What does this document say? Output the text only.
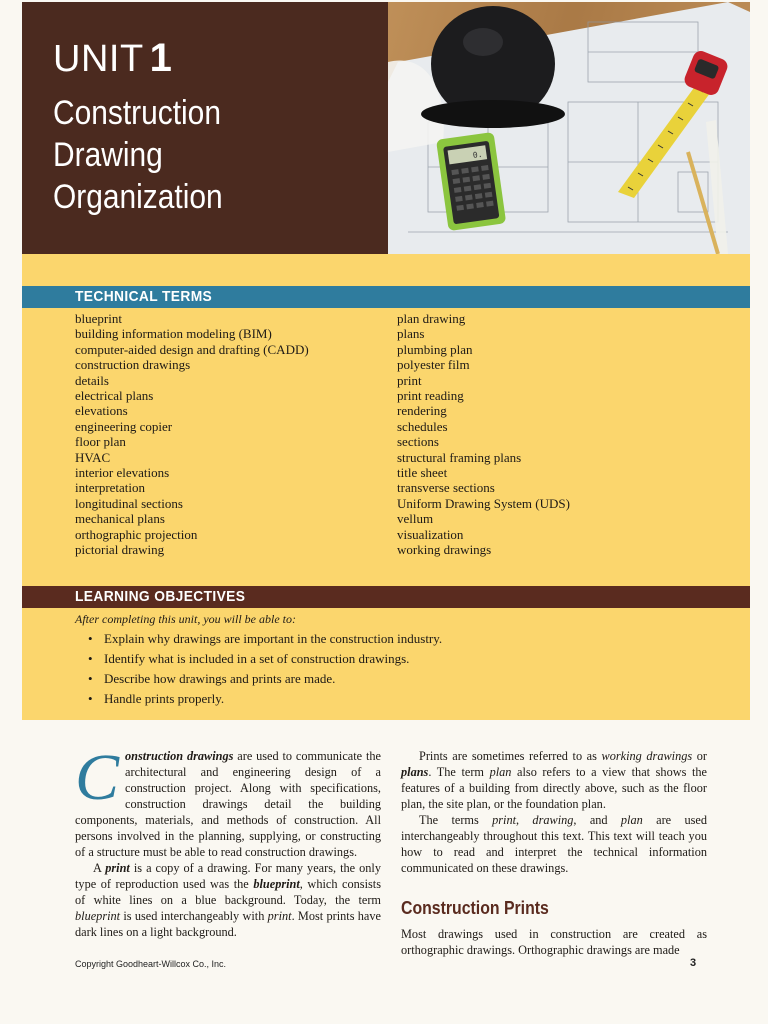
UNIT 1
Construction
Drawing
Organization
0.
TECHNICAL TERMS
blueprint
building information modeling (BIM)
computer-aided design and drafting (CADD)
construction drawings
details
electrical plans
elevations
engineering copier
floor plan
HVAC
interior elevations
interpretation
longitudinal sections
mechanical plans
orthographic projection
pictorial drawing
plan drawing
plans
plumbing plan
polyester film
print
print reading
rendering
schedules
sections
structural framing plans
title sheet
transverse sections
Uniform Drawing System (UDS)
vellum
visualization
working drawings
LEARNING OBJECTIVES
After completing this unit, you will be able to:
• Explain why drawings are important in the construction industry.
• Identify what is included in a set of construction drawings.
• Describe how drawings and prints are made.
• Handle prints properly.

Construction drawings are used to communicate the architectural and engineering design of a construction project. Along with specifications, construction drawings detail the building components, materials, and methods of construction. All persons involved in the planning, supplying, or constructing of a structure must be able to read construction drawings.

A print is a copy of a drawing. For many years, the only type of reproduction used was the blueprint, which consists of white lines on a blue background. Today, the term blueprint is used interchangeably with print. Most prints have dark lines on a light background.

Prints are sometimes referred to as working drawings or plans. The term plan also refers to a view that shows the features of a building from directly above, such as the floor plan, the site plan, or the foundation plan.

The terms print, drawing, and plan are used interchangeably throughout this text. This text will teach you how to read and interpret the technical information communicated on these drawings.

Construction Prints

Most drawings used in construction are created as orthographic drawings. Orthographic drawings are made

Copyright Goodheart-Willcox Co., Inc.	3
